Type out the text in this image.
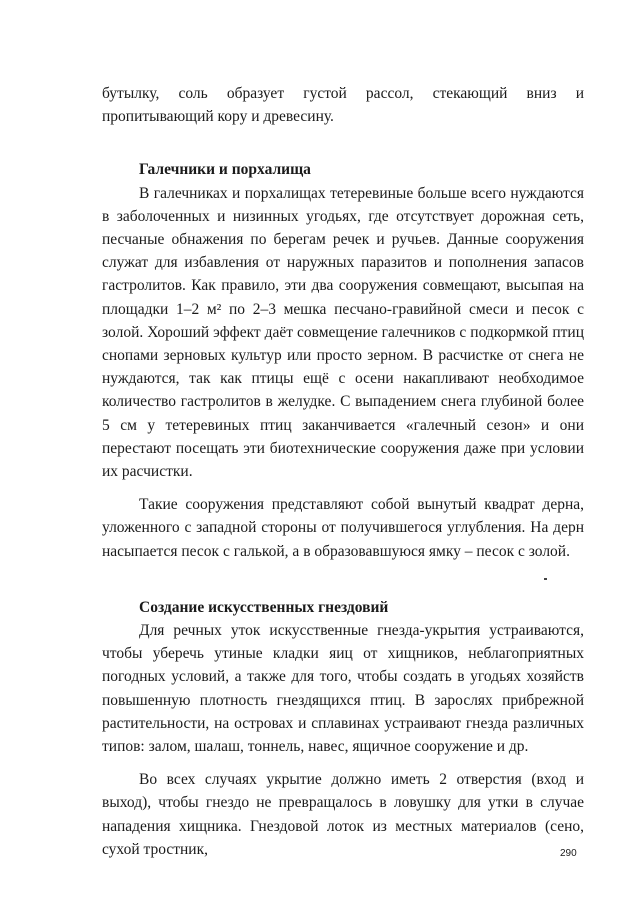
бутылку, соль образует густой рассол, стекающий вниз и пропитывающий кору и древесину.

Галечники и порхалища

В галечниках и порхалищах тетеревиные больше всего нуждаются в заболоченных и низинных угодьях, где отсутствует дорожная сеть, песчаные обнажения по берегам речек и ручьев. Данные сооружения служат для избавления от наружных паразитов и пополнения запасов гастролитов. Как правило, эти два сооружения совмещают, высыпая на площадки 1–2 м² по 2–3 мешка песчано-гравийной смеси и песок с золой. Хороший эффект даёт совмещение галечников с подкормкой птиц снопами зерновых культур или просто зерном. В расчистке от снега не нуждаются, так как птицы ещё с осени накапливают необходимое количество гастролитов в желудке. С выпадением снега глубиной более 5 см у тетеревиных птиц заканчивается «галечный сезон» и они перестают посещать эти биотехнические сооружения даже при условии их расчистки.

Такие сооружения представляют собой вынутый квадрат дерна, уложенного с западной стороны от получившегося углубления. На дерн насыпается песок с галькой, а в образовавшуюся ямку – песок с золой.

Создание искусственных гнездовий

Для речных уток искусственные гнезда-укрытия устраиваются, чтобы уберечь утиные кладки яиц от хищников, неблагоприятных погодных условий, а также для того, чтобы создать в угодьях хозяйств повышенную плотность гнездящихся птиц. В зарослях прибрежной растительности, на островах и сплавинах устраивают гнезда различных типов: залом, шалаш, тоннель, навес, ящичное сооружение и др.

Во всех случаях укрытие должно иметь 2 отверстия (вход и выход), чтобы гнездо не превращалось в ловушку для утки в случае нападения хищника. Гнездовой лоток из местных материалов (сено, сухой тростник,	290
